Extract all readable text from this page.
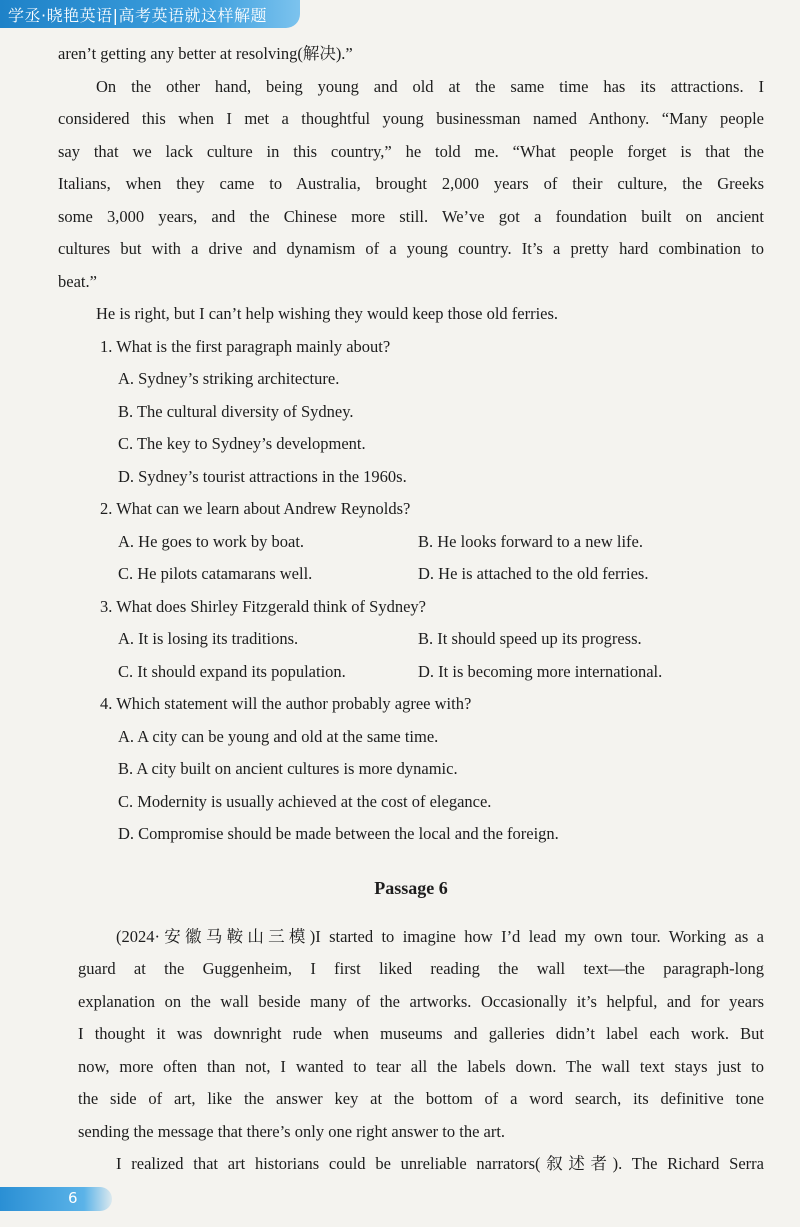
学丞·晓艳英语|高考英语就这样解题
aren’t getting any better at resolving(解决).”
On the other hand, being young and old at the same time has its attractions. I
considered this when I met a thoughtful young businessman named Anthony. “Many people
say that we lack culture in this country,” he told me. “What people forget is that the
Italians, when they came to Australia, brought 2,000 years of their culture, the Greeks
some 3,000 years, and the Chinese more still. We’ve got a foundation built on ancient
cultures but with a drive and dynamism of a young country. It’s a pretty hard combination to
beat.”
He is right, but I can’t help wishing they would keep those old ferries.
1. What is the first paragraph mainly about?
A. Sydney’s striking architecture.
B. The cultural diversity of Sydney.
C. The key to Sydney’s development.
D. Sydney’s tourist attractions in the 1960s.
2. What can we learn about Andrew Reynolds?
A. He goes to work by boat.	B. He looks forward to a new life.
C. He pilots catamarans well.	D. He is attached to the old ferries.
3. What does Shirley Fitzgerald think of Sydney?
A. It is losing its traditions.	B. It should speed up its progress.
C. It should expand its population.	D. It is becoming more international.
4. Which statement will the author probably agree with?
A. A city can be young and old at the same time.
B. A city built on ancient cultures is more dynamic.
C. Modernity is usually achieved at the cost of elegance.
D. Compromise should be made between the local and the foreign.
Passage 6
(2024·安徽马鞍山三模)I started to imagine how I’d lead my own tour. Working as a
guard at the Guggenheim, I first liked reading the wall text—the paragraph-long
explanation on the wall beside many of the artworks. Occasionally it’s helpful, and for years
I thought it was downright rude when museums and galleries didn’t label each work. But
now, more often than not, I wanted to tear all the labels down. The wall text stays just to
the side of art, like the answer key at the bottom of a word search, its definitive tone
sending the message that there’s only one right answer to the art.
I realized that art historians could be unreliable narrators(叙述者). The Richard Serra
6
